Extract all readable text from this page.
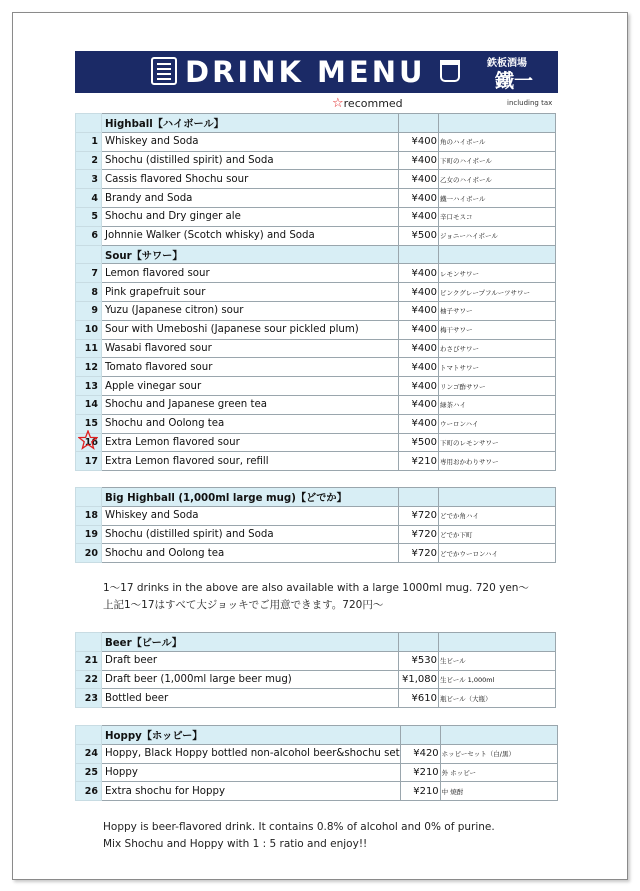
DRINK MENU	鉄板酒場
鐵一
☆recommed	including tax
	Highball【ハイボール】		
1	Whiskey and Soda	¥400	角のハイボール
2	Shochu (distilled spirit) and Soda	¥400	下町のハイボール
3	Cassis flavored Shochu sour	¥400	乙女のハイボール
4	Brandy and Soda	¥400	鐵一ハイボール
5	Shochu and Dry ginger ale	¥400	辛口モスコ
6	Johnnie Walker (Scotch whisky) and Soda	¥500	ジョニーハイボール
	Sour【サワー】		
7	Lemon flavored sour	¥400	レモンサワー
8	Pink grapefruit sour	¥400	ピンクグレープフルーツサワー
9	Yuzu (Japanese citron) sour	¥400	柚子サワー
10	Sour with Umeboshi (Japanese sour pickled plum)	¥400	梅干サワー
11	Wasabi flavored sour	¥400	わさびサワー
12	Tomato flavored sour	¥400	トマトサワー
13	Apple vinegar sour	¥400	リンゴ酢サワー
14	Shochu and Japanese green tea	¥400	緑茶ハイ
15	Shochu and Oolong tea	¥400	ウーロンハイ
16	Extra Lemon flavored sour	¥500	下町のレモンサワー
17	Extra Lemon flavored sour, refill	¥210	専用おかわりサワー
	Big Highball (1,000ml large mug)【どでか】		
18	Whiskey and Soda	¥720	どでか角ハイ
19	Shochu (distilled spirit) and Soda	¥720	どでか下町
20	Shochu and Oolong tea	¥720	どでかウーロンハイ
1～17 drinks in the above are also available with a large 1000ml mug. 720 yen～
上記1～17はすべて大ジョッキでご用意できます。720円～
	Beer【ビール】		
21	Draft beer	¥530	生ビール
22	Draft beer (1,000ml large beer mug)	¥1,080	生ビール 1,000ml
23	Bottled beer	¥610	瓶ビール（大瓶）
	Hoppy【ホッピー】		
24	Hoppy, Black Hoppy bottled non-alcohol beer&shochu set	¥420	ホッピーセット（白/黒）
25	Hoppy	¥210	外 ホッピー
26	Extra shochu for Hoppy	¥210	中 焼酎
Hoppy is beer-flavored drink. It contains 0.8% of alcohol and 0% of purine.
Mix Shochu and Hoppy with 1 : 5 ratio and enjoy!!
